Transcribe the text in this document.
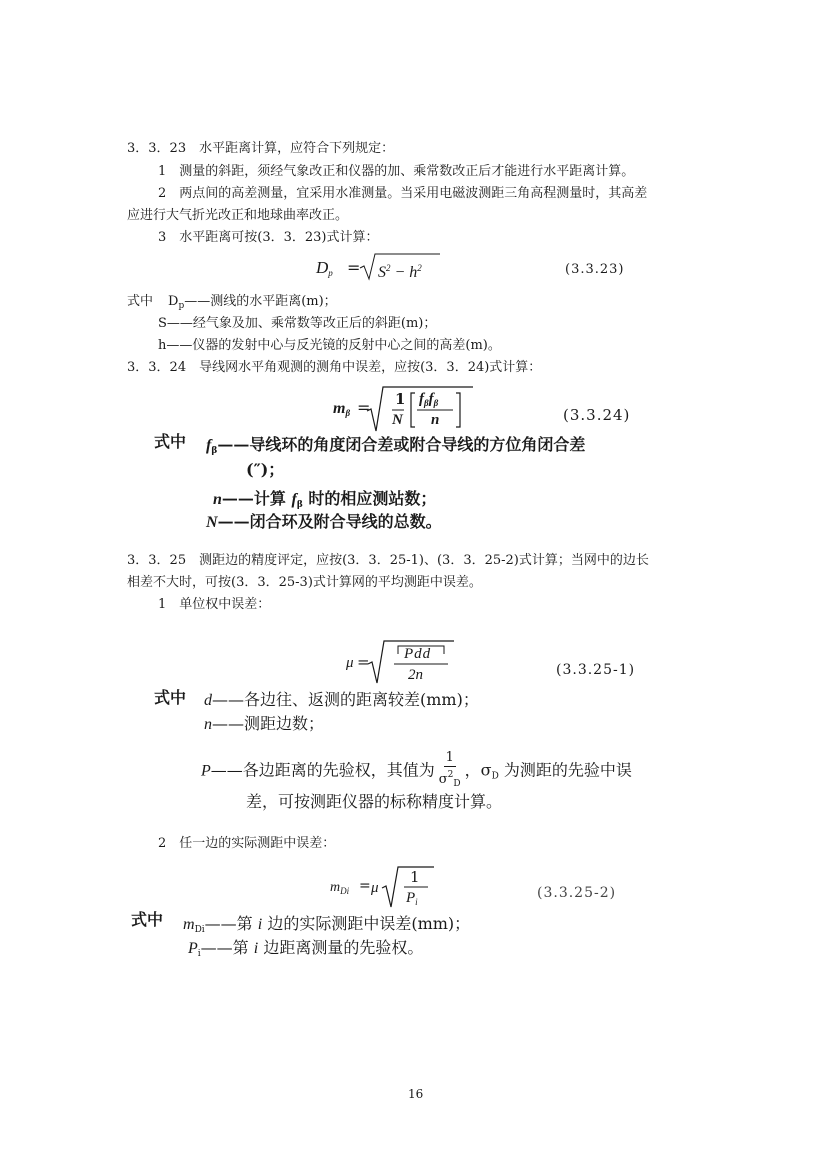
3．3．23　水平距离计算，应符合下列规定：
1　测量的斜距，须经气象改正和仪器的加、乘常数改正后才能进行水平距离计算。
2　两点间的高差测量，宜采用水准测量。当采用电磁波测距三角高程测量时，其高差
应进行大气折光改正和地球曲率改正。
3　水平距离可按(3．3．23)式计算：
$D_p = S^2 - h^2$	(3.3.23)
式中 $D_p——$测线的水平距离(m)；
S——经气象及加、乘常数等改正后的斜距(m)；
h——仪器的发射中心与反光镜的反射中心之间的高差(m)。
3．3．24　导线网水平角观测的测角中误差，应按(3．3．24)式计算：
$m_\beta = 1$
N
$f_\beta f_\beta$
n	(3.3.24)
式中 $f_\beta——$导线环的角度闭合差或附合导线的方位角闭合差
(″)；
n——计算 $f_\beta$ 时的相应测站数；
N——闭合环及附合导线的总数。
3．3．25　测距边的精度评定，应按(3．3．25-1)、(3．3．25-2)式计算；当网中的边长
相差不大时，可按(3．3．25-3)式计算网的平均测距中误差。
1　单位权中误差：
μ = Pdd
2n	(3.3.25-1)
式中 d——各边往、返测的距离较差(mm)；
n——测距边数；
P——各边距离的先验权，其值为 $\frac{1}{\sigma^2_D}$ ，$\sigma_D$ 为测距的先验中误
差，可按测距仪器的标称精度计算。
2　任一边的实际测距中误差：
$m_{Di} = \mu$
1
$P_i$
(3.3.25-2)
式中 $m_{Di}——$第 i 边的实际测距中误差(mm)；
$P_i——$第 i 边距离测量的先验权。
16
